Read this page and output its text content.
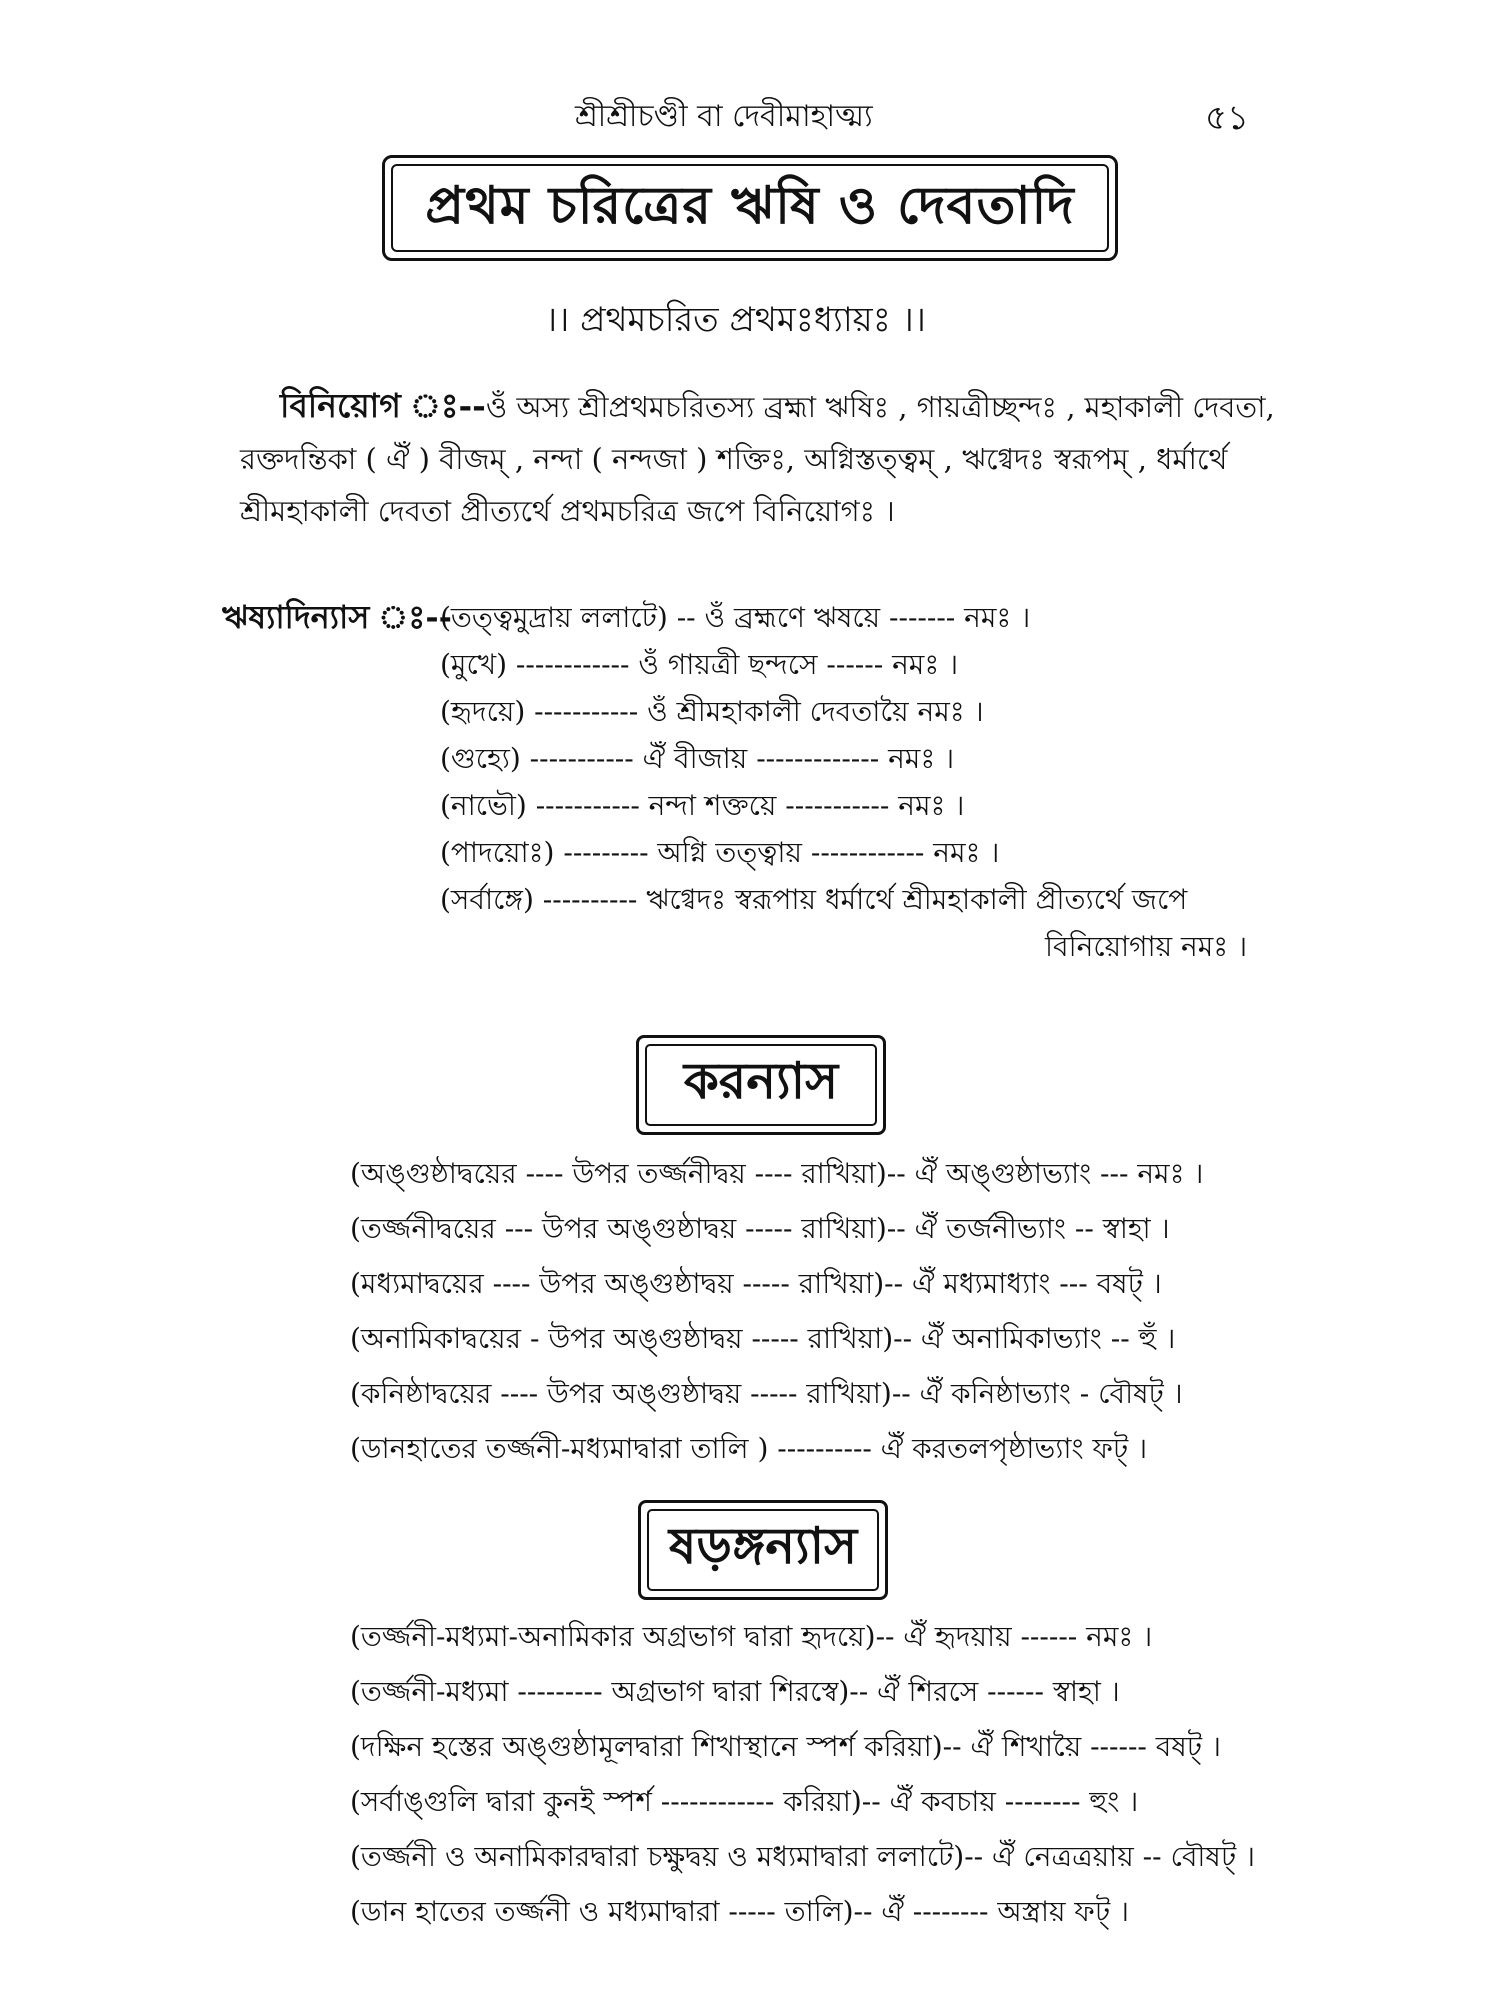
শ্রীশ্রীচণ্ডী বা দেবীমাহাত্ম্য	৫১
প্রথম চরিত্রের ঋষি ও দেবতাদি
।। প্রথমচরিত প্রথমঃধ্যায়ঃ ।।
বিনিয়োগ ঃ--ওঁ অস্য শ্রীপ্রথমচরিতস্য ব্রহ্মা ঋষিঃ , গায়ত্রীচ্ছন্দঃ , মহাকালী দেবতা,
রক্তদন্তিকা ( ঐঁ ) বীজম্ , নন্দা ( নন্দজা ) শক্তিঃ, অগ্নিস্তত্ত্বম্ , ঋগ্বেদঃ স্বরূপম্ , ধর্মার্থে
শ্রীমহাকালী দেবতা প্রীত্যর্থে প্রথমচরিত্র জপে বিনিয়োগঃ ।
ঋষ্যাদিন্যাস ঃ--
(তত্ত্বমুদ্রায় ললাটে) -- ওঁ ব্রহ্মণে ঋষয়ে ------- নমঃ ।
(মুখে) ------------ ওঁ গায়ত্রী ছন্দসে ------ নমঃ ।
(হৃদয়ে) ----------- ওঁ শ্রীমহাকালী দেবতায়ৈ নমঃ ।
(গুহ্যে) ----------- ঐঁ বীজায় ------------- নমঃ ।
(নাভৌ) ----------- নন্দা শক্তয়ে ----------- নমঃ ।
(পাদয়োঃ) --------- অগ্নি তত্ত্বায় ------------ নমঃ ।
(সর্বাঙ্গে) ---------- ঋগ্বেদঃ স্বরূপায় ধর্মার্থে শ্রীমহাকালী প্রীত্যর্থে জপে
বিনিয়োগায় নমঃ ।
করন্যাস
(অঙ্গুষ্ঠাদ্বয়ের ---- উপর তর্জ্জনীদ্বয় ---- রাখিয়া)-- ঐঁ অঙ্গুষ্ঠাভ্যাং --- নমঃ ।
(তর্জ্জনীদ্বয়ের --- উপর অঙ্গুষ্ঠাদ্বয় ----- রাখিয়া)-- ঐঁ তর্জনীভ্যাং -- স্বাহা ।
(মধ্যমাদ্বয়ের ---- উপর অঙ্গুষ্ঠাদ্বয় ----- রাখিয়া)-- ঐঁ মধ্যমাধ্যাং --- বষট্ ।
(অনামিকাদ্বয়ের - উপর অঙ্গুষ্ঠাদ্বয় ----- রাখিয়া)-- ঐঁ অনামিকাভ্যাং -- হুঁ ।
(কনিষ্ঠাদ্বয়ের ---- উপর অঙ্গুষ্ঠাদ্বয় ----- রাখিয়া)-- ঐঁ কনিষ্ঠাভ্যাং - বৌষট্ ।
(ডানহাতের তর্জ্জনী-মধ্যমাদ্বারা তালি ) ---------- ঐঁ করতলপৃষ্ঠাভ্যাং ফট্ ।
ষড়ঙ্গন্যাস
(তর্জ্জনী-মধ্যমা-অনামিকার অগ্রভাগ দ্বারা হৃদয়ে)-- ঐঁ হৃদয়ায় ------ নমঃ ।
(তর্জ্জনী-মধ্যমা --------- অগ্রভাগ দ্বারা শিরস্বে)-- ঐঁ শিরসে ------ স্বাহা ।
(দক্ষিন হস্তের অঙ্গুষ্ঠামূলদ্বারা শিখাস্থানে স্পর্শ করিয়া)-- ঐঁ শিখায়ৈ ------ বষট্ ।
(সর্বাঙ্গুলি দ্বারা কুনই স্পর্শ ------------ করিয়া)-- ঐঁ কবচায় -------- হুং ।
(তর্জ্জনী ও অনামিকারদ্বারা চক্ষুদ্বয় ও মধ্যমাদ্বারা ললাটে)-- ঐঁ নেত্রত্রয়ায় -- বৌষট্ ।
(ডান হাতের তর্জ্জনী ও মধ্যমাদ্বারা ----- তালি)-- ঐঁ -------- অস্ত্রায় ফট্ ।
